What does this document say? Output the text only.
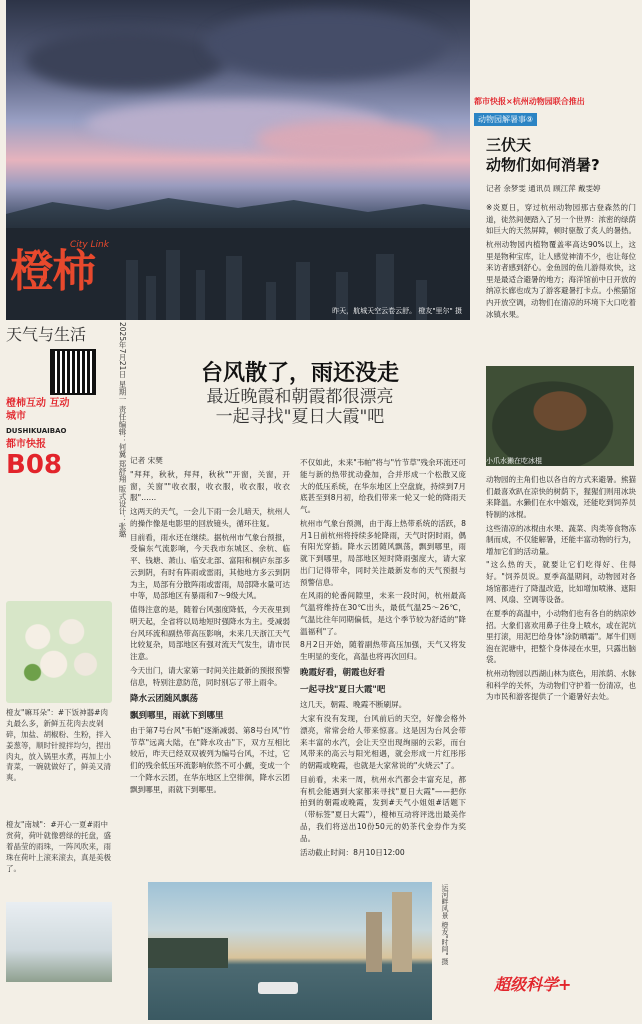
昨天，航城天空云卷云舒。 橙友"里尔" 摄
City Link
橙柿
2025年7月21日 星期一 责任编辑：何冀 郑舒翔 版式设计：张璐
天气与生活
橙柿互动 互动城市
DUSHIKUAIBAO
都市快报
B08
橙友"嘛耳朵"：#下饭神器#肉丸最么多，新鲜五花肉去皮剁碎，加盐、胡椒粉、生粉，拌入姜葱等，顺时针搅拌均匀，捏出肉丸，放入锅里水煮，再加上小青菜，一碗就做好了，鲜美又清爽。
橙友"南城"：#开心一夏#雨中赏荷，荷叶就像碧绿的托盘，盛着晶莹的雨珠，一阵风吹来，雨珠在荷叶上滚来滚去，真是美极了。
台风散了，雨还没走
最近晚霞和朝霞都很漂亮
一起寻找"夏日大霞"吧
记者 宋樊

"拜拜，秋秋，拜拜，秋秋""开窗，关窗，开窗，关窗""收衣服，收衣服，收衣服，收衣服"……

这两天的天气，一会儿下雨一会儿暗天，杭州人的操作像是电影里的回放镜头，循环往复。

目前看，雨水还在继续。据杭州市气象台预报，受偏东气流影响，今天我市东城区、余杭、临平、钱塘、萧山、临安北部、富阳和桐庐东部多云到阴，有时有阵雨或雷雨，其他地方多云到阴为主，局部有分散阵雨或雷雨，局部降水量可达中等，局部地区有暴雨和7～9级大风。

值得注意的是，随着台风强度降低，今天夜里到明天起，全省将以局地短时强降水为主。受减弱台风环流和副热带高压影响，未来几天浙江天气比较复杂，局部地区有强对流天气发生，请市民注意。

今天出门，请大家第一时间关注最新的预报预警信息，特别注意防范，同时别忘了带上雨伞。

降水云团随风飘荡
飘到哪里，雨就下到哪里

由于第7号台风"韦帕"逐渐减弱、第8号台风"竹节草"远离大陆，在"降水攻击"下，双方互相比较后，昨天已经双双被列为编号台风，不过，它们的残余低压环流影响依然不可小觑，变成一个一个降水云团，在华东地区上空徘徊，降水云团飘到哪里，雨就下到哪里。

不仅如此，未来"韦帕"将与"竹节草"残余环流还可能与新的热带扰动叠加，合并形成一个松散又庞大的低压系统，在华东地区上空盘旋，持续到7月底甚至到8月初，给我们带来一轮又一轮的降雨天气。

杭州市气象台预测，由于海上热带系统的活跃，8月1日前杭州将持续多轮降雨，天气时阴时雨，偶有阳光穿插。降水云团随风飘荡，飘到哪里，雨就下到哪里，局部地区短时降雨强度大，请大家出门记得带伞，同时关注最新发布的天气预报与预警信息。

在风雨的轮番间隙里，未来一段时间，杭州最高气温将维持在30℃出头，最低气温25～26℃，气温比往年同期偏低，是这个季节较为舒适的"降温福利"了。

8月2日开始，随着副热带高压加强，天气又将发生明显的变化，高温也将再次回归。

晚霞好看，朝霞也好看
一起寻找"夏日大霞"吧

这几天，朝霞、晚霞不断刷屏。

大家有没有发现，台风前后的天空，好像会格外漂亮，常常会给人带来惊喜。这是因为台风会带来丰富的水汽，会让天空出现绚丽的云彩，而台风带来的高云与阳光相遇，就会形成一片红彤彤的朝霞或晚霞，也就是大家常说的"火烧云"了。

目前看，未来一周，杭州水汽都会丰富充足，都有机会能遇到大家都来寻找"夏日大霞"——把你拍到的朝霞或晚霞，发到#天气小姐姐#话题下（带标签"夏日大霞"），橙柿互动将评选出最美作品，我们将送出10份50元的奶茶代金券作为奖品。

活动截止时间：8月10日12:00

运河畔风景 橙友"时间" 摄
都市快报×杭州动物园联合推出
动物园解暑事⑨
三伏天
动物们如何消暑?
记者 余梦雯 通讯员 顾江萍 戴雯婷

※炎夏日，穿过杭州动物园那古登森然的门道，徒然间便踏入了另一个世界：浓密的绿荫如巨大的天然屏障，顿时驱散了炙人的暑热。

杭州动物园内植物覆盖率高达90%以上，这里是物种宝库，让人感觉神清不少，也让每位来访者感到舒心。金鱼园的鱼儿游得欢快，这里是最适合避暑的地方；海洋馆前中日开放的纳凉长廊也成为了游客避暑打卡点。小熊猫馆内开放空调，动物们在清凉的环境下大口吃着冰镇水果。

小爪水獭在吃冰棍

动物园的主角们也以各自的方式来避暑。熊猫们最喜欢趴在凉快的树荫下，猩猩们则用冰块来降温。水獭们在水中嬉戏，还能吃到饲养员特制的冰棍。

这些清凉的冰棍由水果、蔬菜、肉类等食物冻制而成，不仅能解暑，还能丰富动物的行为，增加它们的活动量。

"这么热的天，就要让它们吃得好、住得好。"饲养员说。夏季高温期间，动物园对各场馆都进行了降温改造，比如增加喷淋、遮阳网、风扇、空调等设备。

在夏季的高温中，小动物们也有各自的纳凉妙招。大象们喜欢用鼻子往身上喷水，或在泥坑里打滚，用泥巴给身体"涂防晒霜"。犀牛们则泡在泥塘中，把整个身体浸在水里，只露出脑袋。

杭州动物园以西湖山林为底色，用浓荫、水脉和科学的关怀，为动物们守护着一份清凉，也为市民和游客提供了一个避暑好去处。

超级科学+
